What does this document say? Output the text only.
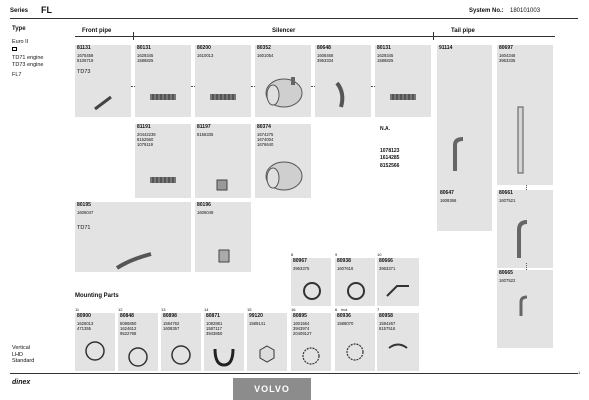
Series FL	System No.: 180101003
Front pipe	Silencer	Tail pipe
Type
Euro II
TD71 engine
TD73 engine
FL7
Vertical
LHD
Standard
81131
1675458
8106719
TD73
80131
1629345
1586825
80200
1610013
80352
1601054
80648
1608468
3963334
80131
1629345
1586825
91114	80697
1604348
3963335
81191
20442239
8152560
1079119
81197
8156335
80374
1674275
1674004
1676640
N.A.
1078123
1614285
8152566
80661
1607521
80647
1608366
80195
1606047
TD71
80196
1606049
80665
1607522
8	9	10
80967
3963375
80938
1607616
80666
3963371
Mounting Parts
11	12	13	14	15	16	6 Incl.	7
80900
1626013
471355
80848
5086850
1624612
9522768
80898
1594762
1608357
80871
1082861
1587117
3943850
99120
1589141
80895
1601564
3943974
20409127
80936
1588070
80958
1594267
8157516
dinex
VOLVO
1
